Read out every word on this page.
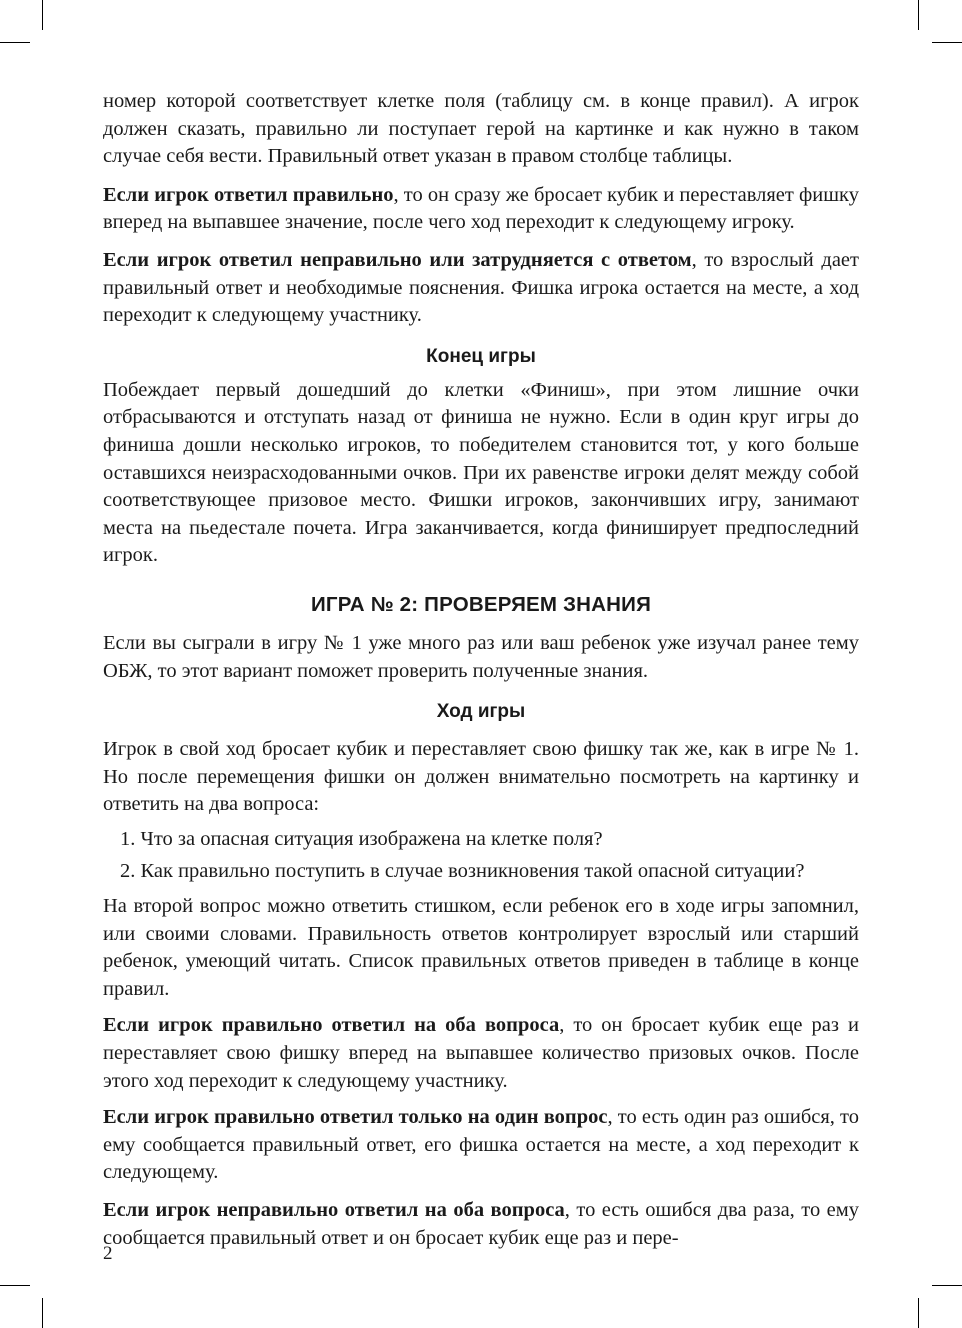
номер которой соответствует клетке поля (таблицу см. в конце правил). А игрок должен сказать, правильно ли поступает герой на картинке и как нужно в таком случае себя вести. Правильный ответ указан в правом столбце таблицы.

Если игрок ответил правильно, то он сразу же бросает кубик и переставляет фишку вперед на выпавшее значение, после чего ход переходит к следующему игроку.

Если игрок ответил неправильно или затрудняется с ответом, то взрослый дает правильный ответ и необходимые пояснения. Фишка игрока остается на месте, а ход переходит к следующему участнику.

Конец игры

Побеждает первый дошедший до клетки «Финиш», при этом лишние очки отбрасываются и отступать назад от финиша не нужно. Если в один круг игры до финиша дошли несколько игроков, то победителем становится тот, у кого больше оставшихся неизрасходованными очков. При их равенстве игроки делят между собой соответствующее призовое место. Фишки игроков, закончивших игру, занимают места на пьедестале почета. Игра заканчивается, когда финиширует предпоследний игрок.

ИГРА № 2: ПРОВЕРЯЕМ ЗНАНИЯ

Если вы сыграли в игру № 1 уже много раз или ваш ребенок уже изучал ранее тему ОБЖ, то этот вариант поможет проверить полученные знания.

Ход игры

Игрок в свой ход бросает кубик и переставляет свою фишку так же, как в игре № 1. Но после перемещения фишки он должен внимательно посмотреть на картинку и ответить на два вопроса:

1. Что за опасная ситуация изображена на клетке поля?
2. Как правильно поступить в случае возникновения такой опасной ситуации?

На второй вопрос можно ответить стишком, если ребенок его в ходе игры запомнил, или своими словами. Правильность ответов контролирует взрослый или старший ребенок, умеющий читать. Список правильных ответов приведен в таблице в конце правил.

Если игрок правильно ответил на оба вопроса, то он бросает кубик еще раз и переставляет свою фишку вперед на выпавшее количество призовых очков. После этого ход переходит к следующему участнику.

Если игрок правильно ответил только на один вопрос, то есть один раз ошибся, то ему сообщается правильный ответ, его фишка остается на месте, а ход переходит к следующему.

Если игрок неправильно ответил на оба вопроса, то есть ошибся два раза, то ему сообщается правильный ответ и он бросает кубик еще раз и пере-

2
